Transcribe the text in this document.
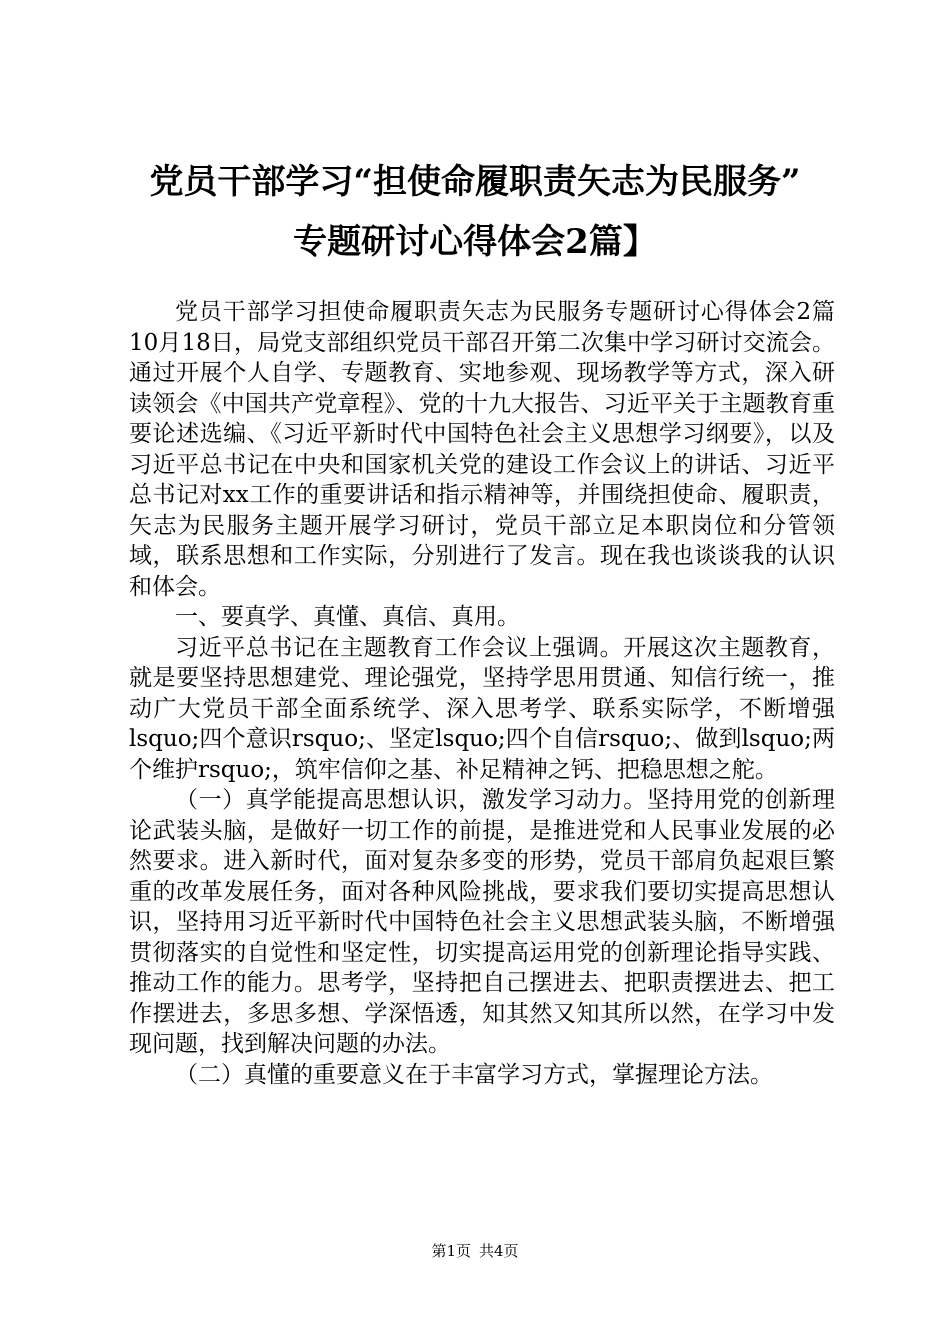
党员干部学习“担使命履职责矢志为民服务”
专题研讨心得体会2篇】

党员干部学习担使命履职责矢志为民服务专题研讨心得体会2篇10月18日，局党支部组织党员干部召开第二次集中学习研讨交流会。通过开展个人自学、专题教育、实地参观、现场教学等方式，深入研读领会《中国共产党章程》、党的十九大报告、习近平关于主题教育重要论述选编、《习近平新时代中国特色社会主义思想学习纲要》，以及习近平总书记在中央和国家机关党的建设工作会议上的讲话、习近平总书记对xx工作的重要讲话和指示精神等，并围绕担使命、履职责，矢志为民服务主题开展学习研讨，党员干部立足本职岗位和分管领域，联系思想和工作实际，分别进行了发言。现在我也谈谈我的认识和体会。

一、要真学、真懂、真信、真用。

习近平总书记在主题教育工作会议上强调。开展这次主题教育，就是要坚持思想建党、理论强党，坚持学思用贯通、知信行统一，推动广大党员干部全面系统学、深入思考学、联系实际学，不断增强lsquo;四个意识rsquo;、坚定lsquo;四个自信rsquo;、做到lsquo;两个维护rsquo;，筑牢信仰之基、补足精神之钙、把稳思想之舵。

（一）真学能提高思想认识，激发学习动力。坚持用党的创新理论武装头脑，是做好一切工作的前提，是推进党和人民事业发展的必然要求。进入新时代，面对复杂多变的形势，党员干部肩负起艰巨繁重的改革发展任务，面对各种风险挑战，要求我们要切实提高思想认识，坚持用习近平新时代中国特色社会主义思想武装头脑，不断增强贯彻落实的自觉性和坚定性，切实提高运用党的创新理论指导实践、推动工作的能力。思考学，坚持把自己摆进去、把职责摆进去、把工作摆进去，多思多想、学深悟透，知其然又知其所以然，在学习中发现问题，找到解决问题的办法。

（二）真懂的重要意义在于丰富学习方式，掌握理论方法。

第1页 共4页
